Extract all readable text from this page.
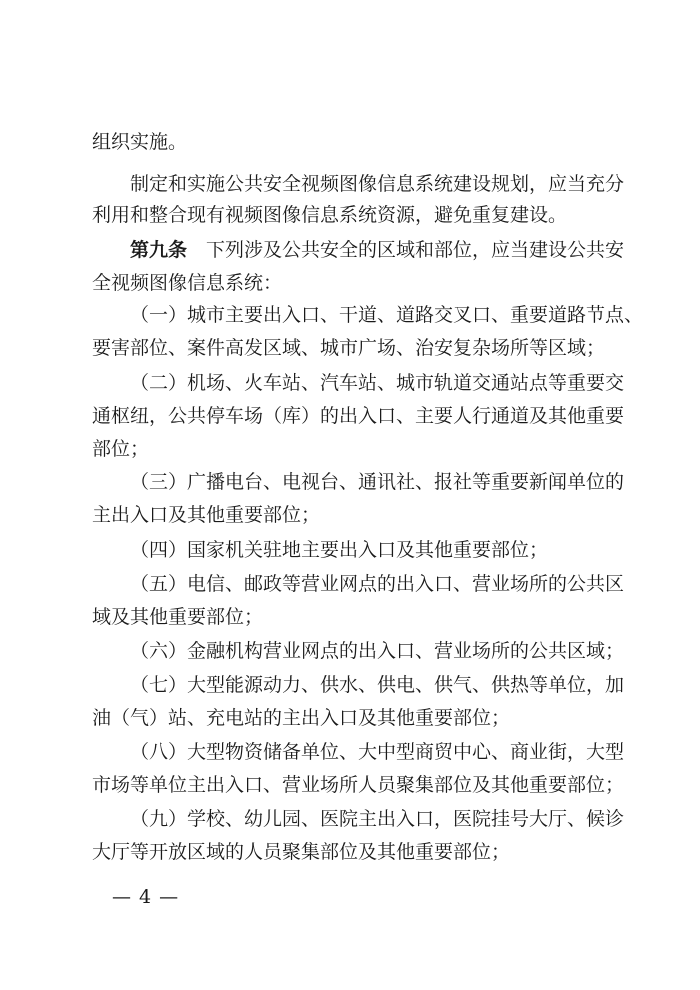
组织实施。
制定和实施公共安全视频图像信息系统建设规划，应当充分
利用和整合现有视频图像信息系统资源，避免重复建设。
第九条　 下列涉及公共安全的区域和部位，应当建设公共安
全视频图像信息系统：
（一）城市主要出入口、干道、道路交叉口、重要道路节点、
要害部位、案件高发区域、城市广场、治安复杂场所等区域；
（二）机场、火车站、汽车站、城市轨道交通站点等重要交
通枢纽，公共停车场（库）的出入口、主要人行通道及其他重要
部位；
（三）广播电台、电视台、通讯社、报社等重要新闻单位的
主出入口及其他重要部位；
（四）国家机关驻地主要出入口及其他重要部位；
（五）电信、邮政等营业网点的出入口、营业场所的公共区
域及其他重要部位；
（六）金融机构营业网点的出入口、营业场所的公共区域；
（七）大型能源动力、供水、供电、供气、供热等单位，加
油（气）站、充电站的主出入口及其他重要部位；
（八）大型物资储备单位、大中型商贸中心、商业街，大型
市场等单位主出入口、营业场所人员聚集部位及其他重要部位；
（九）学校、幼儿园、医院主出入口，医院挂号大厅、候诊
大厅等开放区域的人员聚集部位及其他重要部位；
— 4 —
